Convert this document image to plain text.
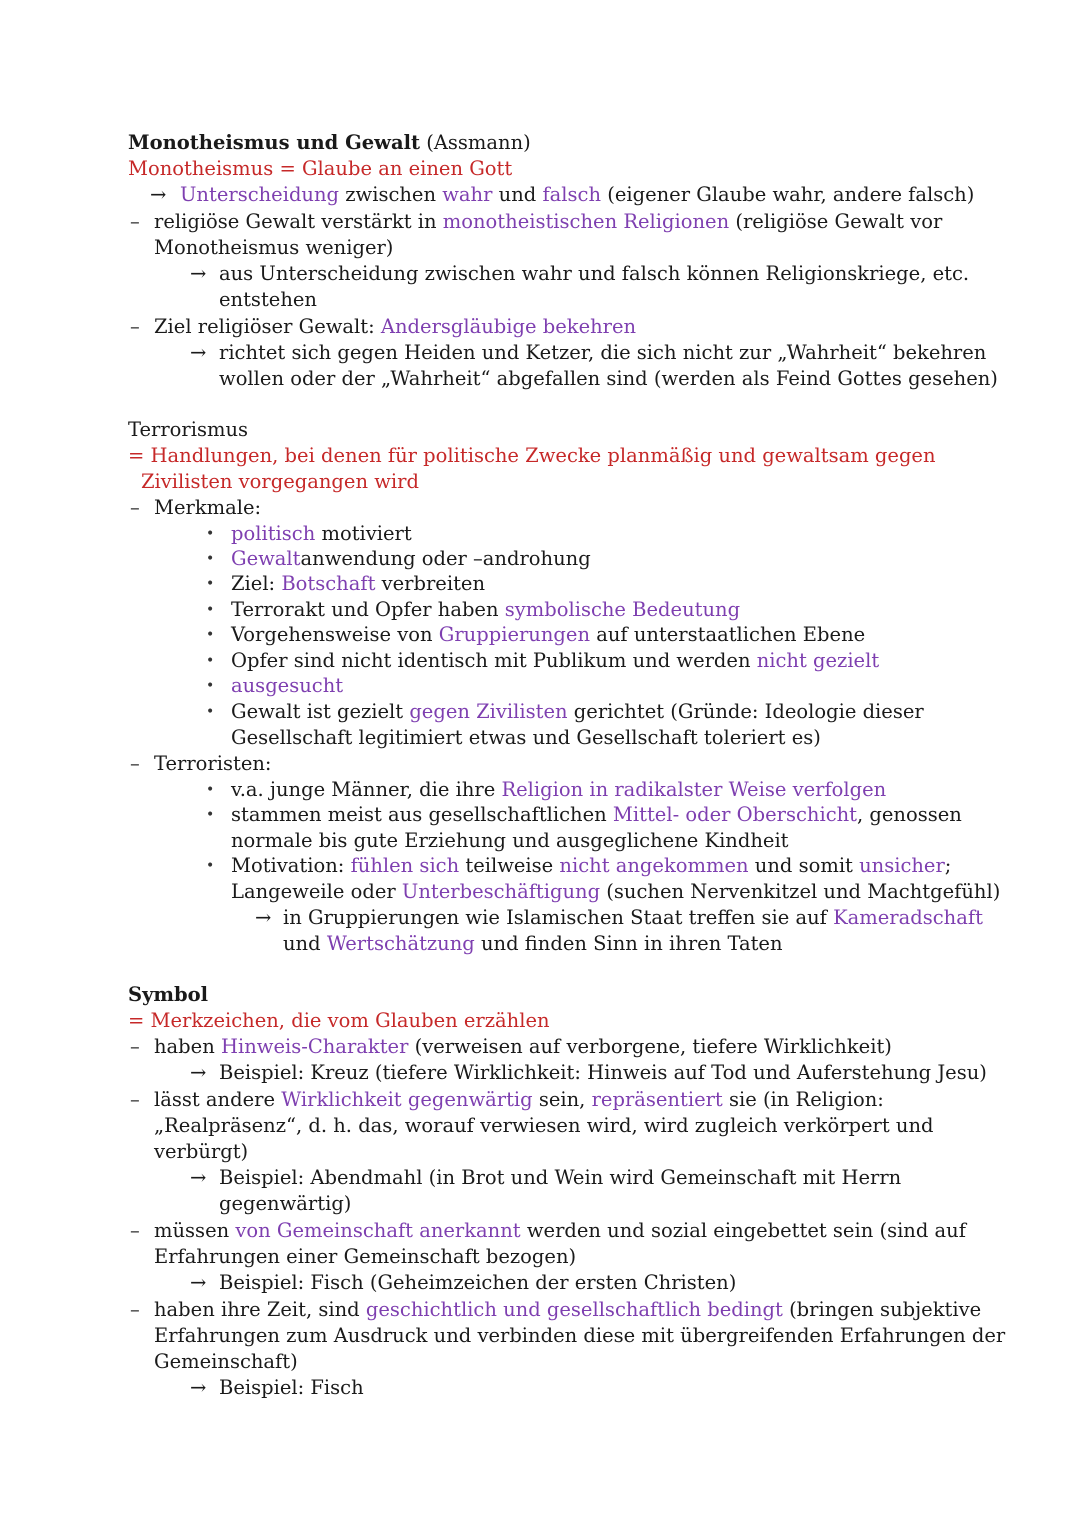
Monotheismus und Gewalt (Assmann)
Monotheismus = Glaube an einen Gott
→ Unterscheidung zwischen wahr und falsch (eigener Glaube wahr, andere falsch)
– religiöse Gewalt verstärkt in monotheistischen Religionen (religiöse Gewalt vor
Monotheismus weniger)
→ aus Unterscheidung zwischen wahr und falsch können Religionskriege, etc.
entstehen
– Ziel religiöser Gewalt: Andersgläubige bekehren
→ richtet sich gegen Heiden und Ketzer, die sich nicht zur „Wahrheit“ bekehren
wollen oder der „Wahrheit“ abgefallen sind (werden als Feind Gottes gesehen)
Terrorismus
= Handlungen, bei denen für politische Zwecke planmäßig und gewaltsam gegen
Zivilisten vorgegangen wird
– Merkmale:
• politisch motiviert
• Gewaltanwendung oder –androhung
• Ziel: Botschaft verbreiten
• Terrorakt und Opfer haben symbolische Bedeutung
• Vorgehensweise von Gruppierungen auf unterstaatlichen Ebene
• Opfer sind nicht identisch mit Publikum und werden nicht gezielt
• ausgesucht
• Gewalt ist gezielt gegen Zivilisten gerichtet (Gründe: Ideologie dieser
Gesellschaft legitimiert etwas und Gesellschaft toleriert es)
– Terroristen:
• v.a. junge Männer, die ihre Religion in radikalster Weise verfolgen
• stammen meist aus gesellschaftlichen Mittel- oder Oberschicht, genossen
normale bis gute Erziehung und ausgeglichene Kindheit
• Motivation: fühlen sich teilweise nicht angekommen und somit unsicher;
Langeweile oder Unterbeschäftigung (suchen Nervenkitzel und Machtgefühl)
→ in Gruppierungen wie Islamischen Staat treffen sie auf Kameradschaft
und Wertschätzung und finden Sinn in ihren Taten
Symbol
= Merkzeichen, die vom Glauben erzählen
– haben Hinweis-Charakter (verweisen auf verborgene, tiefere Wirklichkeit)
→ Beispiel: Kreuz (tiefere Wirklichkeit: Hinweis auf Tod und Auferstehung Jesu)
– lässt andere Wirklichkeit gegenwärtig sein, repräsentiert sie (in Religion:
„Realpräsenz“, d. h. das, worauf verwiesen wird, wird zugleich verkörpert und
verbürgt)
→ Beispiel: Abendmahl (in Brot und Wein wird Gemeinschaft mit Herrn
gegenwärtig)
– müssen von Gemeinschaft anerkannt werden und sozial eingebettet sein (sind auf
Erfahrungen einer Gemeinschaft bezogen)
→ Beispiel: Fisch (Geheimzeichen der ersten Christen)
– haben ihre Zeit, sind geschichtlich und gesellschaftlich bedingt (bringen subjektive
Erfahrungen zum Ausdruck und verbinden diese mit übergreifenden Erfahrungen der
Gemeinschaft)
→ Beispiel: Fisch
